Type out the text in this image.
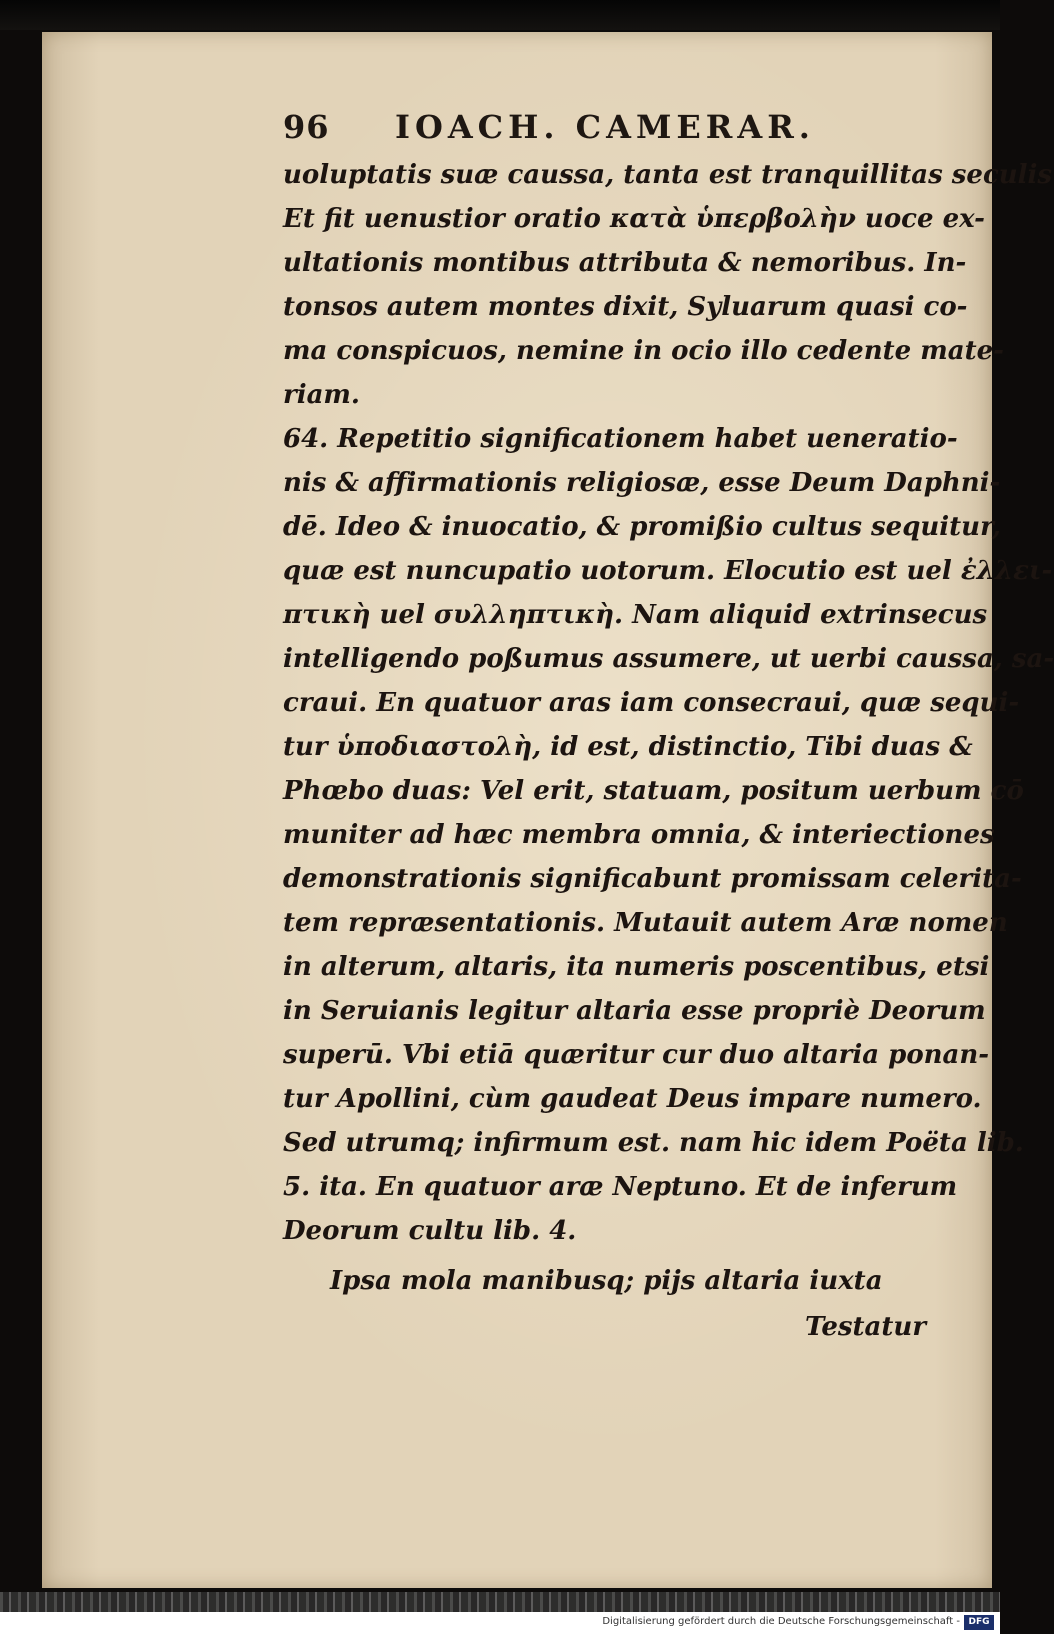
96 IOACH. CAMERAR.

uoluptatis suæ caussa, tanta est tranquillitas seculis

Et fit uenustior oratio κατὰ ὑπερβολὴν uoce ex-

ultationis montibus attributa & nemoribus. In-

tonsos autem montes dixit, Syluarum quasi co-

ma conspicuos, nemine in ocio illo cedente mate-

riam.

64. Repetitio significationem habet ueneratio-

nis & affirmationis religiosæ, esse Deum Daphni-

dē. Ideo & inuocatio, & promißio cultus sequitur,

quæ est nuncupatio uotorum. Elocutio est uel ἐλλει-

πτικὴ uel συλληπτικὴ. Nam aliquid extrinsecus

intelligendo poßumus assumere, ut uerbi caussa, sa-

craui. En quatuor aras iam consecraui, quæ sequi-

tur ὑποδιαστολὴ, id est, distinctio, Tibi duas &

Phœbo duas: Vel erit, statuam, positum uerbum cō

muniter ad hæc membra omnia, & interiectiones

demonstrationis significabunt promissam celerita-

tem repræsentationis. Mutauit autem Aræ nomen

in alterum, altaris, ita numeris poscentibus, etsi

in Seruianis legitur altaria esse propriè Deorum

superū. Vbi etiā quæritur cur duo altaria ponan-

tur Apollini, cùm gaudeat Deus impare numero.

Sed utrumq; infirmum est. nam hic idem Poëta lib.

5. ita. En quatuor aræ Neptuno. Et de inferum

Deorum cultu lib. 4.

Ipsa mola manibusq; pijs altaria iuxta

Testatur

Digitalisierung gefördert durch die Deutsche Forschungsgemeinschaft - DFG
